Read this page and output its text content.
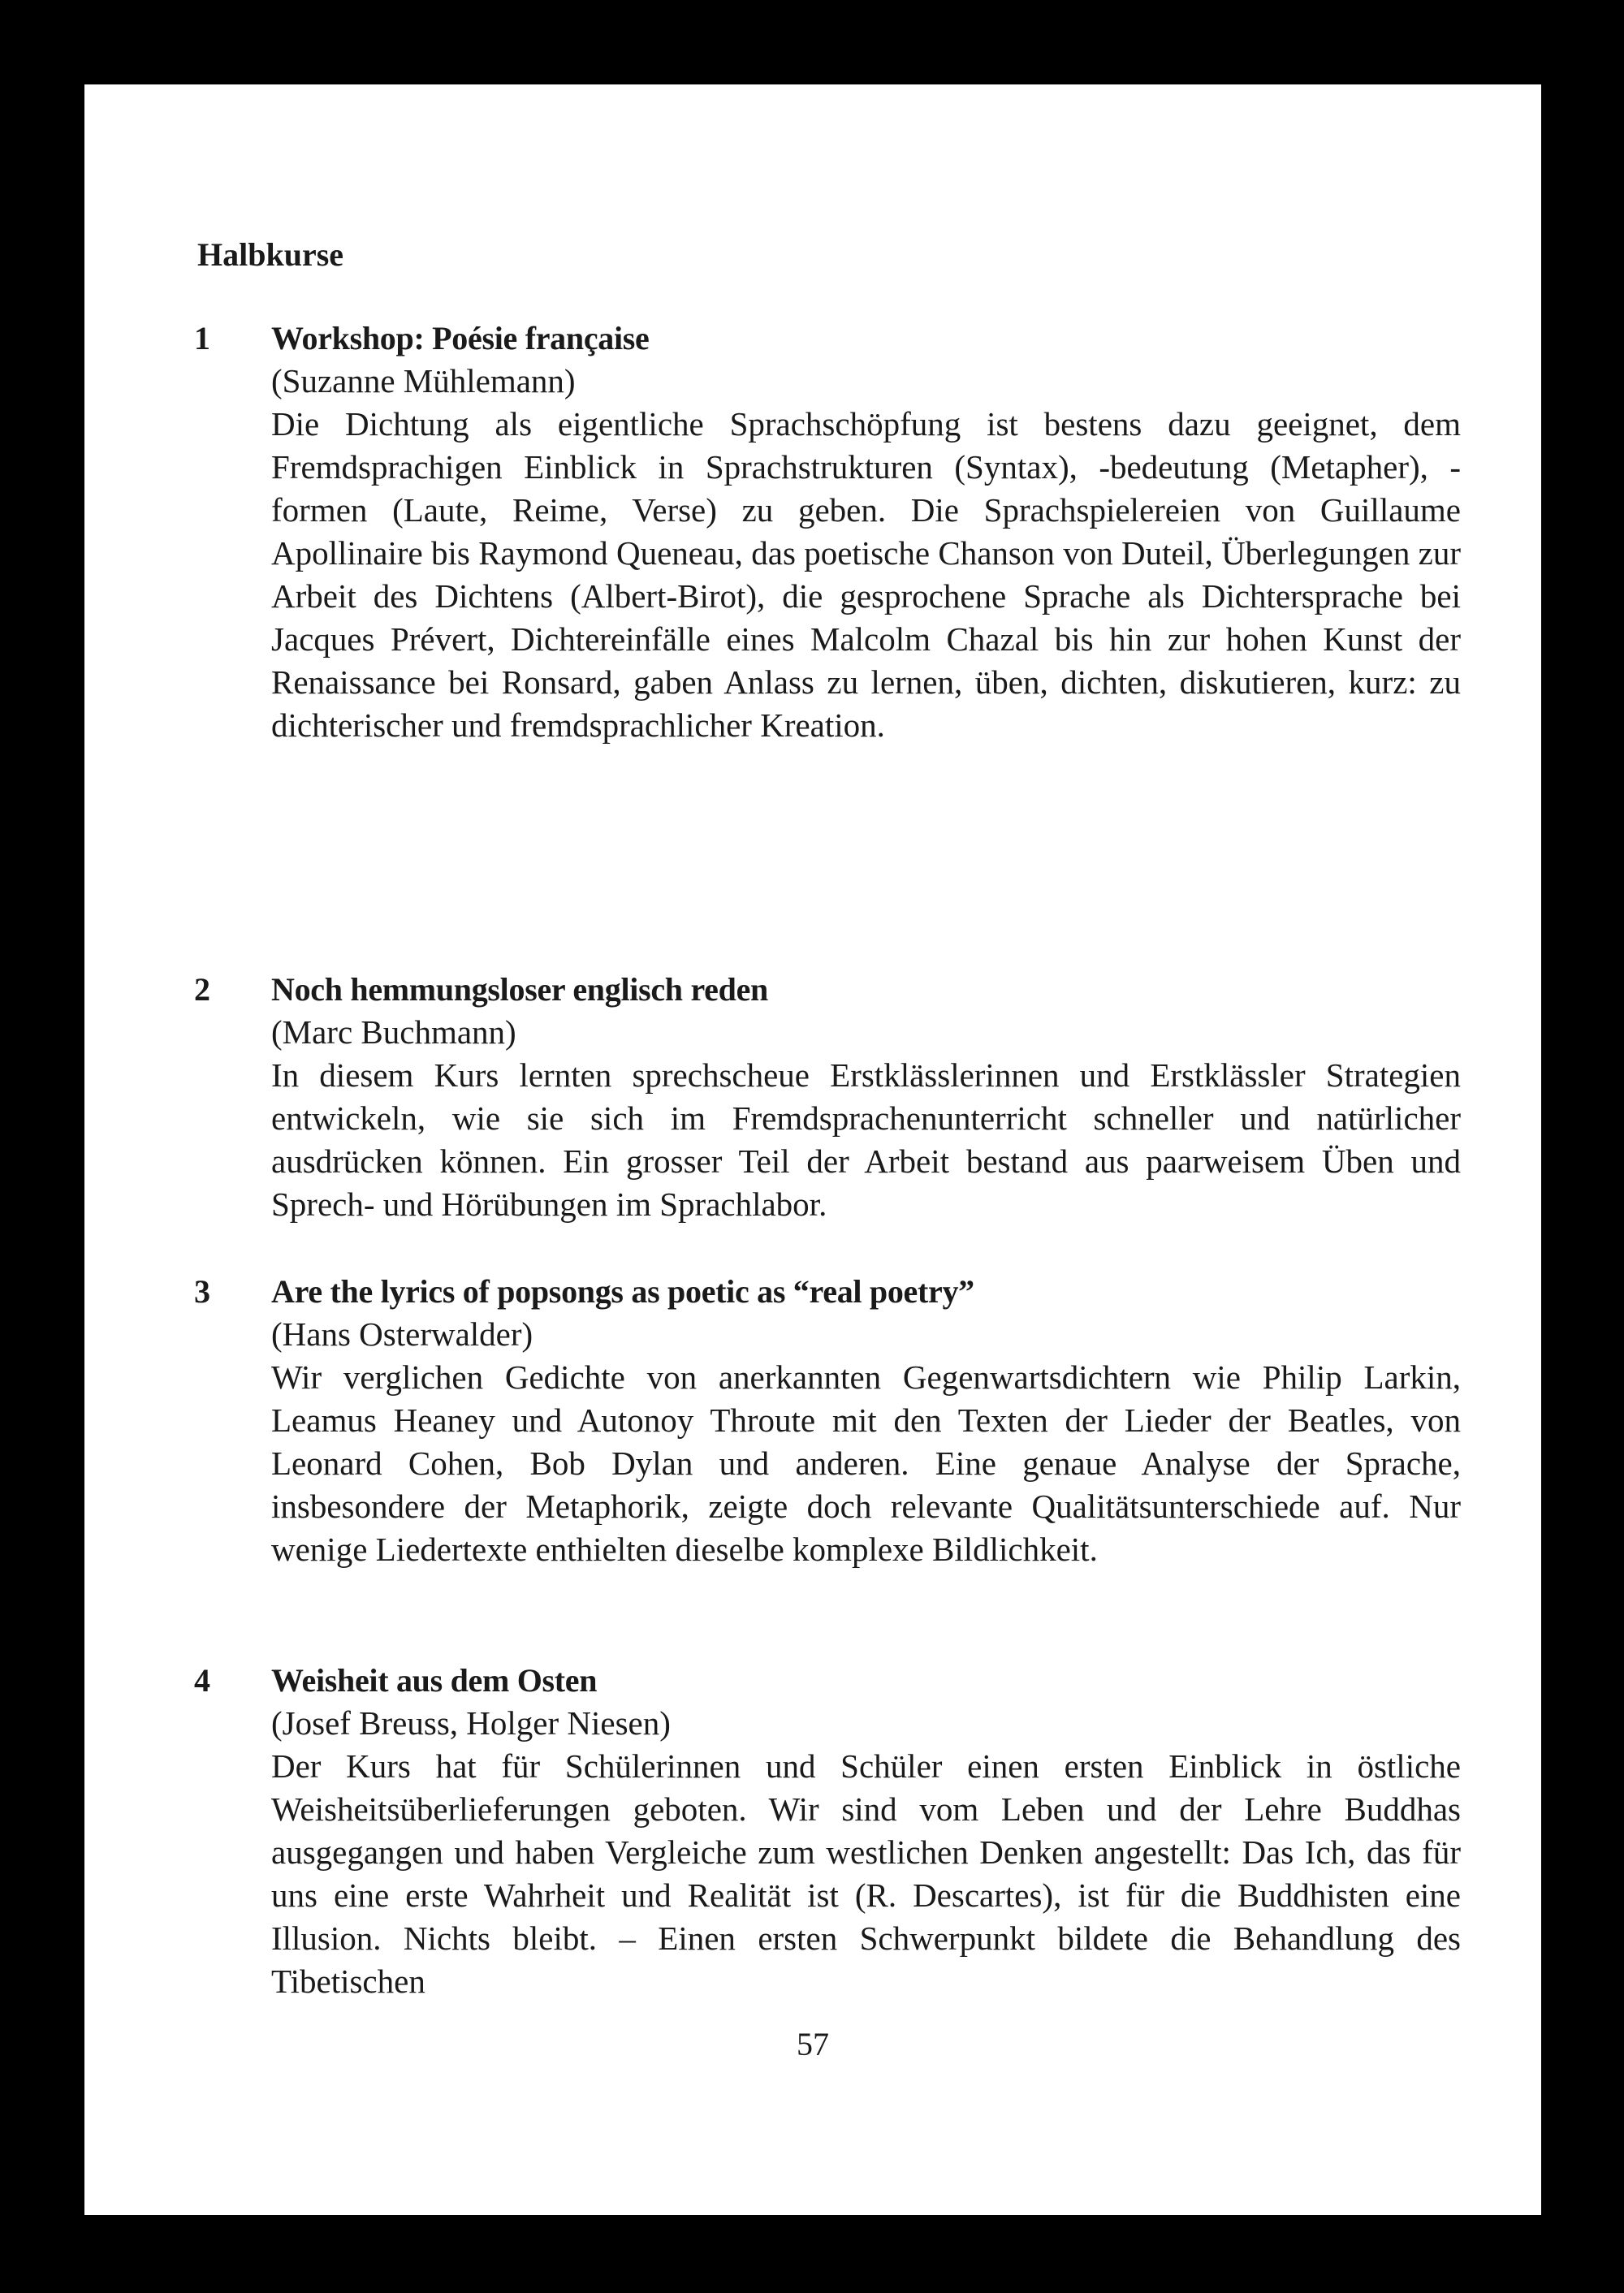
Halbkurse
1	Workshop: Poésie française

(Suzanne Mühlemann)

Die Dichtung als eigentliche Sprachschöpfung ist bestens dazu geeignet, dem Fremdsprachigen Einblick in Sprachstrukturen (Syntax), -bedeutung (Metapher), -formen (Laute, Reime, Verse) zu geben. Die Sprachspielereien von Guillaume Apollinaire bis Raymond Queneau, das poetische Chanson von Duteil, Überlegungen zur Arbeit des Dichtens (Albert-Birot), die gesprochene Sprache als Dichtersprache bei Jacques Prévert, Dichtereinfälle eines Malcolm Chazal bis hin zur hohen Kunst der Renaissance bei Ronsard, gaben Anlass zu lernen, üben, dichten, diskutieren, kurz: zu dichterischer und fremdsprachlicher Kreation.

2	Noch hemmungsloser englisch reden

(Marc Buchmann)

In diesem Kurs lernten sprechscheue Erstklässlerinnen und Erstklässler Strategien entwickeln, wie sie sich im Fremdsprachenunterricht schneller und natürlicher ausdrücken können. Ein grosser Teil der Arbeit bestand aus paarweisem Üben und Sprech- und Hörübungen im Sprachlabor.

3	Are the lyrics of popsongs as poetic as “real poetry”

(Hans Osterwalder)

Wir verglichen Gedichte von anerkannten Gegenwartsdichtern wie Philip Larkin, Leamus Heaney und Autonoy Throute mit den Texten der Lieder der Beatles, von Leonard Cohen, Bob Dylan und anderen. Eine genaue Analyse der Sprache, insbesondere der Metaphorik, zeigte doch relevante Qualitätsunterschiede auf. Nur wenige Liedertexte enthielten dieselbe komplexe Bildlichkeit.

4	Weisheit aus dem Osten

(Josef Breuss, Holger Niesen)

Der Kurs hat für Schülerinnen und Schüler einen ersten Einblick in östliche Weisheitsüberlieferungen geboten. Wir sind vom Leben und der Lehre Buddhas ausgegangen und haben Vergleiche zum westlichen Denken angestellt: Das Ich, das für uns eine erste Wahrheit und Realität ist (R. Descartes), ist für die Buddhisten eine Illusion. Nichts bleibt. – Einen ersten Schwerpunkt bildete die Behandlung des Tibetischen

57
